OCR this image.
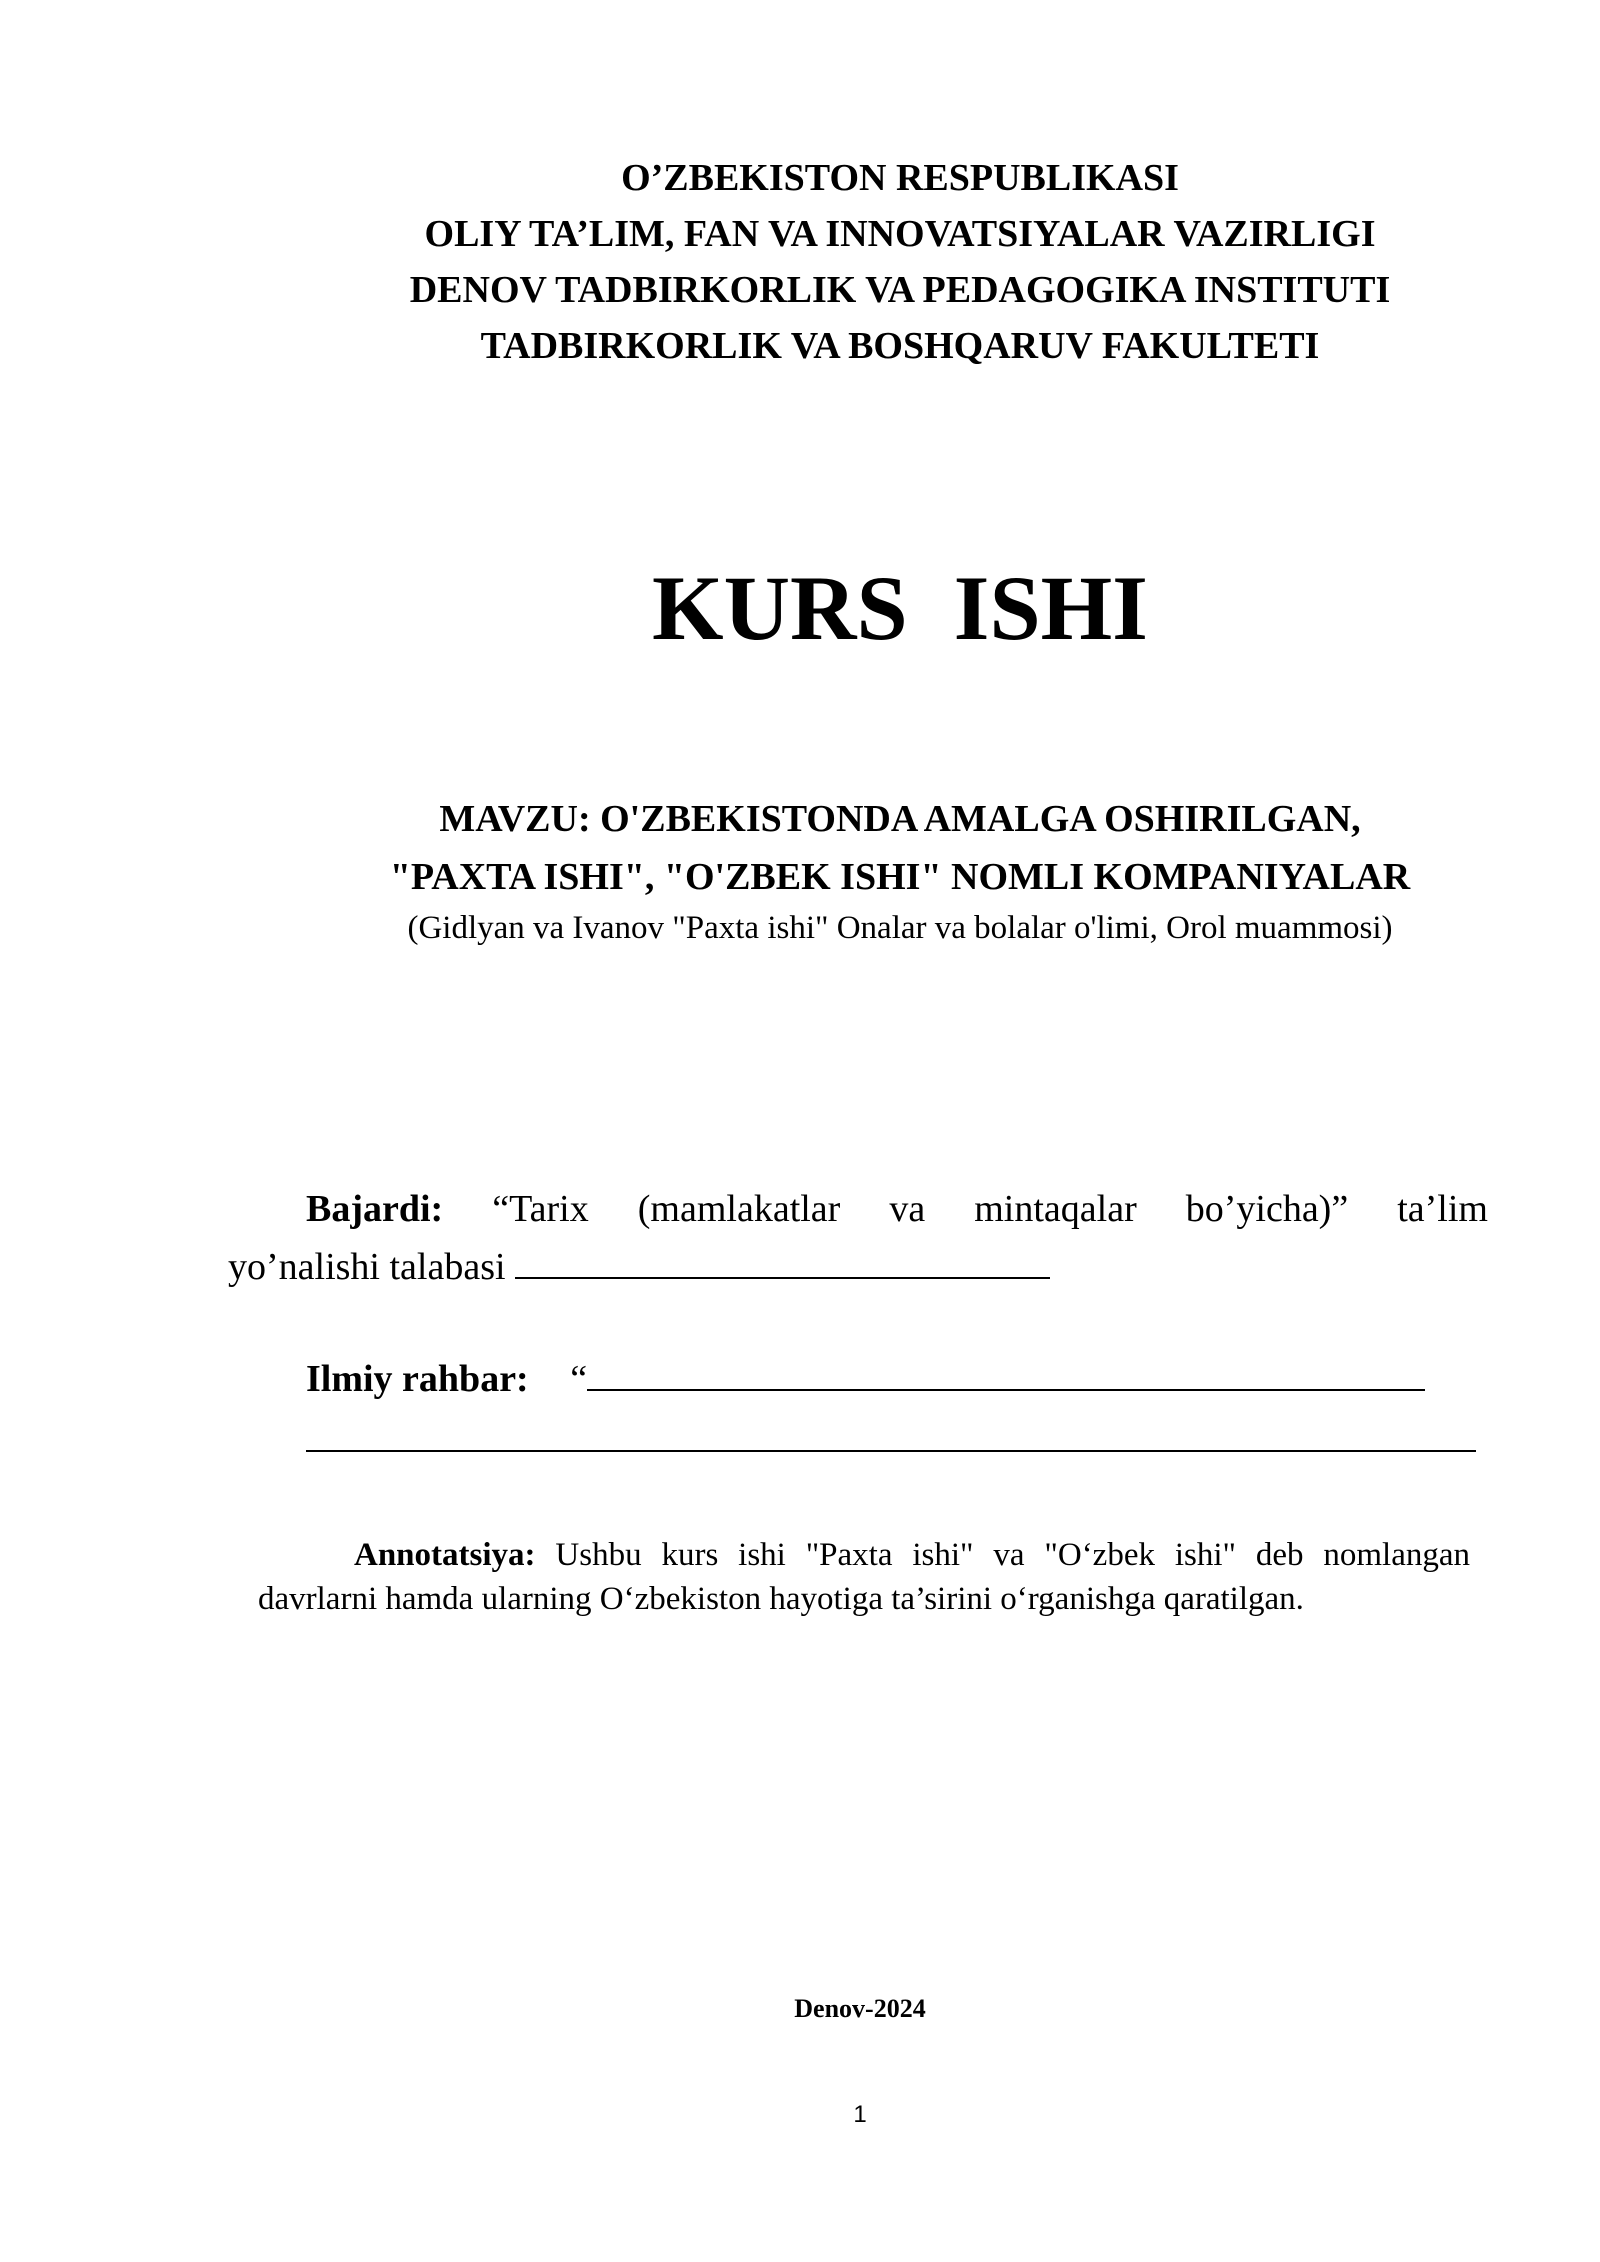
O’ZBEKISTON RESPUBLIKASI
OLIY TA’LIM, FAN VA INNOVATSIYALAR VAZIRLIGI
DENOV TADBIRKORLIK VA PEDAGOGIKA INSTITUTI
TADBIRKORLIK VA BOSHQARUV FAKULTETI
KURS  ISHI
MAVZU: O'ZBEKISTONDA AMALGA OSHIRILGAN,
"PAXTA ISHI", "O'ZBEK ISHI" NOMLI KOMPANIYALAR
(Gidlyan va Ivanov "Paxta ishi" Onalar va bolalar o'limi, Orol muammosi)
Bajardi: “Tarix (mamlakatlar va mintaqalar bo’yicha)” ta’lim
yo’nalishi talabasi
Ilmiy rahbar: “
Annotatsiya: Ushbu kurs ishi "Paxta ishi" va "O‘zbek ishi" deb nomlangan davrlarni hamda ularning O‘zbekiston hayotiga ta’sirini o‘rganishga qaratilgan.
Denov-2024
1
